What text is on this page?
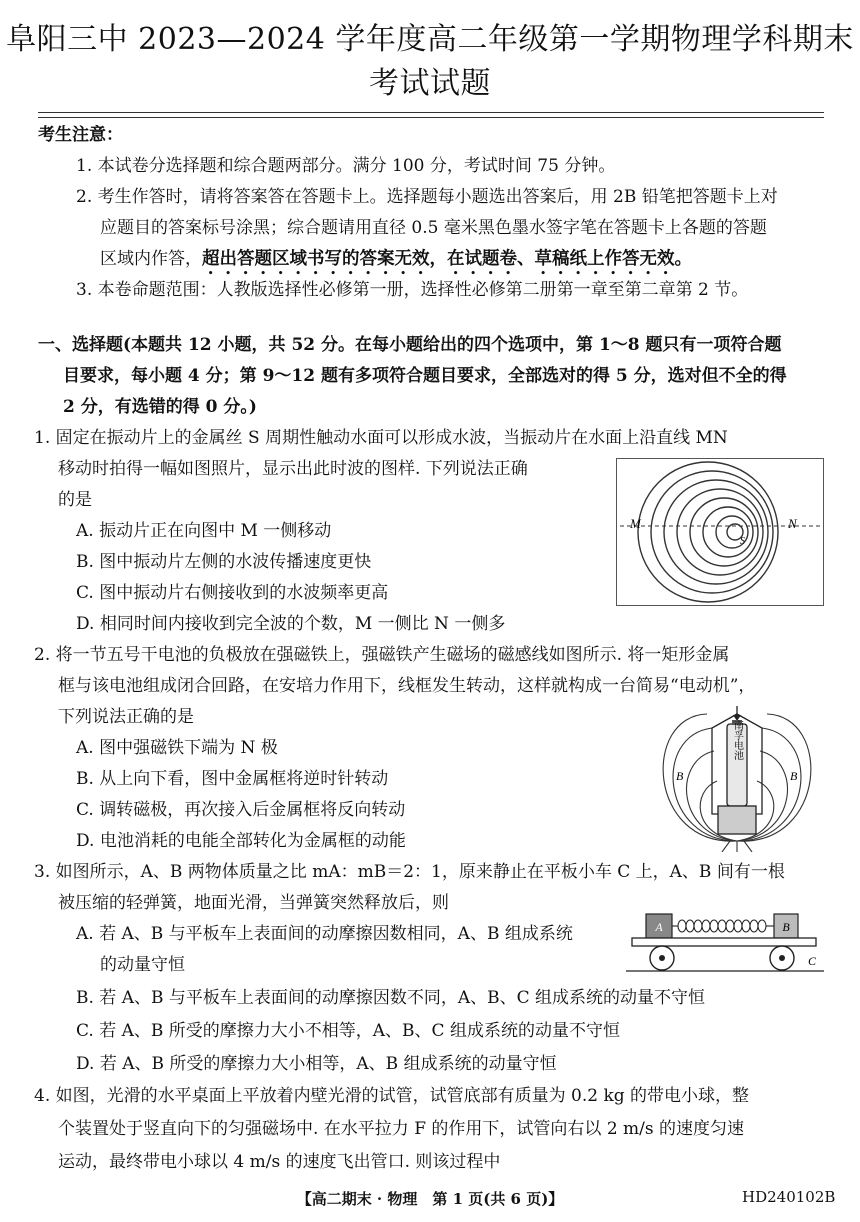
阜阳三中 2023—2024 学年度高二年级第一学期物理学科期末考试试题
考生注意：
1. 本试卷分选择题和综合题两部分。满分 100 分，考试时间 75 分钟。
2. 考生作答时，请将答案答在答题卡上。选择题每小题选出答案后，用 2B 铅笔把答题卡上对
应题目的答案标号涂黑；综合题请用直径 0.5 毫米黑色墨水签字笔在答题卡上各题的答题
区域内作答，超出答题区域书写的答案无效，在试题卷、草稿纸上作答无效。
3. 本卷命题范围：人教版选择性必修第一册，选择性必修第二册第一章至第二章第 2 节。
一、选择题(本题共 12 小题，共 52 分。在每小题给出的四个选项中，第 1～8 题只有一项符合题
目要求，每小题 4 分；第 9～12 题有多项符合题目要求，全部选对的得 5 分，选对但不全的得
2 分，有选错的得 0 分。)
1. 固定在振动片上的金属丝 S 周期性触动水面可以形成水波，当振动片在水面上沿直线 MN
移动时拍得一幅如图照片，显示出此时波的图样. 下列说法正确
的是
A. 振动片正在向图中 M 一侧移动
B. 图中振动片左侧的水波传播速度更快
C. 图中振动片右侧接收到的水波频率更高
D. 相同时间内接收到完全波的个数，M 一侧比 N 一侧多
M	N
S
2. 将一节五号干电池的负极放在强磁铁上，强磁铁产生磁场的磁感线如图所示. 将一矩形金属
框与该电池组成闭合回路，在安培力作用下，线框发生转动，这样就构成一台简易“电动机”，
下列说法正确的是
A. 图中强磁铁下端为 N 极
B. 从上向下看，图中金属框将逆时针转动
C. 调转磁极，再次接入后金属框将反向转动
D. 电池消耗的电能全部转化为金属框的动能
南孚电池
B	B
3. 如图所示，A、B 两物体质量之比 mA：mB＝2：1，原来静止在平板小车 C 上，A、B 间有一根
被压缩的轻弹簧，地面光滑，当弹簧突然释放后，则
A. 若 A、B 与平板车上表面间的动摩擦因数相同，A、B 组成系统
的动量守恒
B. 若 A、B 与平板车上表面间的动摩擦因数不同，A、B、C 组成系统的动量不守恒
C. 若 A、B 所受的摩擦力大小不相等，A、B、C 组成系统的动量不守恒
D. 若 A、B 所受的摩擦力大小相等，A、B 组成系统的动量守恒
A	B
C
4. 如图，光滑的水平桌面上平放着内壁光滑的试管，试管底部有质量为 0.2 kg 的带电小球，整
个装置处于竖直向下的匀强磁场中. 在水平拉力 F 的作用下，试管向右以 2 m/s 的速度匀速
运动，最终带电小球以 4 m/s 的速度飞出管口. 则该过程中
【高二期末 · 物理　第 1 页(共 6 页)】	HD240102B
